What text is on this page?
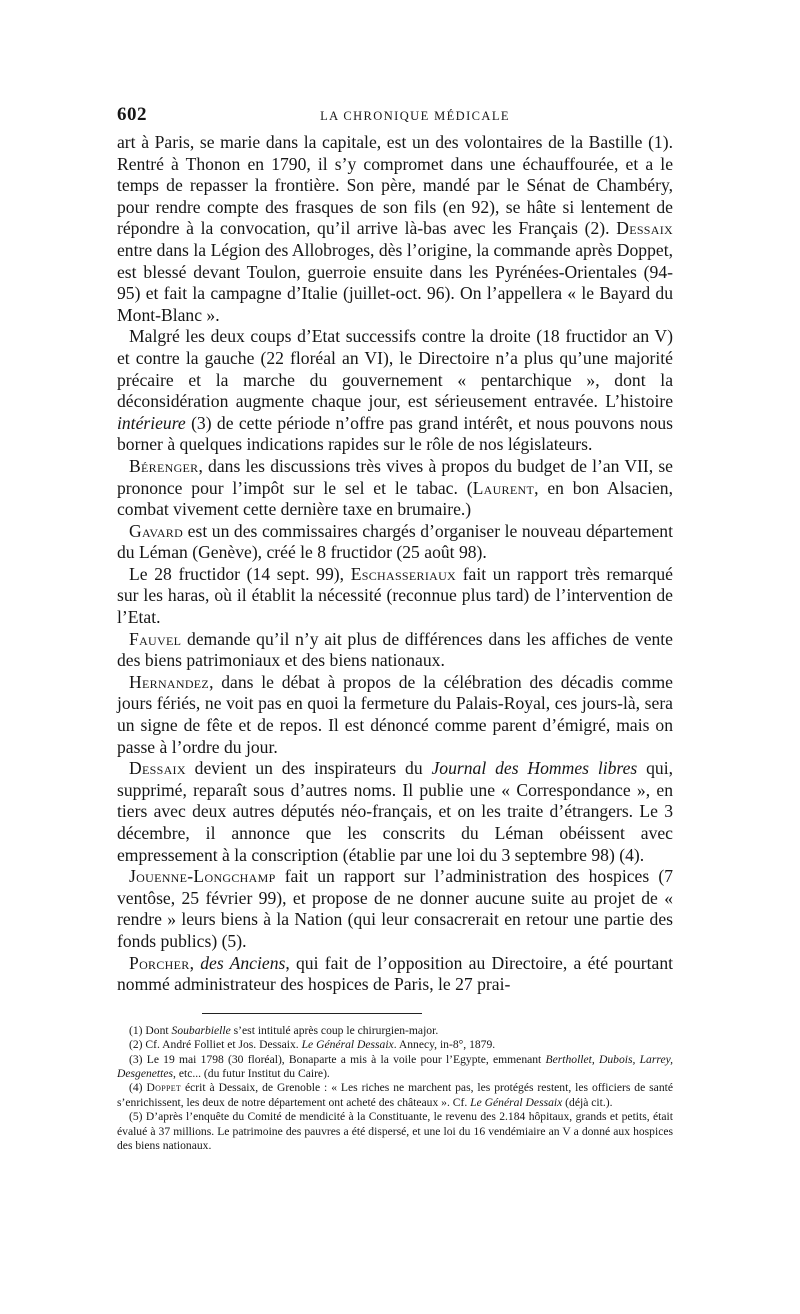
602	LA CHRONIQUE MÉDICALE

art à Paris, se marie dans la capitale, est un des volontaires de la Bastille (1). Rentré à Thonon en 1790, il s’y compromet dans une échauffourée, et a le temps de repasser la frontière. Son père, mandé par le Sénat de Chambéry, pour rendre compte des frasques de son fils (en 92), se hâte si lentement de répondre à la convocation, qu’il arrive là-bas avec les Français (2). Dessaix entre dans la Légion des Allobroges, dès l’origine, la commande après Doppet, est blessé devant Toulon, guerroie ensuite dans les Pyrénées-Orientales (94-95) et fait la campagne d’Italie (juillet-oct. 96). On l’appellera « le Bayard du Mont-Blanc ».

Malgré les deux coups d’Etat successifs contre la droite (18 fructidor an V) et contre la gauche (22 floréal an VI), le Directoire n’a plus qu’une majorité précaire et la marche du gouvernement « pentarchique », dont la déconsidération augmente chaque jour, est sérieusement entravée. L’histoire intérieure (3) de cette période n’offre pas grand intérêt, et nous pouvons nous borner à quelques indications rapides sur le rôle de nos législateurs.

Bérenger, dans les discussions très vives à propos du budget de l’an VII, se prononce pour l’impôt sur le sel et le tabac. (Laurent, en bon Alsacien, combat vivement cette dernière taxe en brumaire.)

Gavard est un des commissaires chargés d’organiser le nouveau département du Léman (Genève), créé le 8 fructidor (25 août 98).

Le 28 fructidor (14 sept. 99), Eschasseriaux fait un rapport très remarqué sur les haras, où il établit la nécessité (reconnue plus tard) de l’intervention de l’Etat.

Fauvel demande qu’il n’y ait plus de différences dans les affiches de vente des biens patrimoniaux et des biens nationaux.

Hernandez, dans le débat à propos de la célébration des décadis comme jours fériés, ne voit pas en quoi la fermeture du Palais-Royal, ces jours-là, sera un signe de fête et de repos. Il est dénoncé comme parent d’émigré, mais on passe à l’ordre du jour.

Dessaix devient un des inspirateurs du Journal des Hommes libres qui, supprimé, reparaît sous d’autres noms. Il publie une « Correspondance », en tiers avec deux autres députés néo-français, et on les traite d’étrangers. Le 3 décembre, il annonce que les conscrits du Léman obéissent avec empressement à la conscription (établie par une loi du 3 septembre 98) (4).

Jouenne-Longchamp fait un rapport sur l’administration des hospices (7 ventôse, 25 février 99), et propose de ne donner aucune suite au projet de « rendre » leurs biens à la Nation (qui leur consacrerait en retour une partie des fonds publics) (5).

Porcher, des Anciens, qui fait de l’opposition au Directoire, a été pourtant nommé administrateur des hospices de Paris, le 27 prai-

(1) Dont Soubarbielle s’est intitulé après coup le chirurgien-major.

(2) Cf. André Folliet et Jos. Dessaix. Le Général Dessaix. Annecy, in-8°, 1879.

(3) Le 19 mai 1798 (30 floréal), Bonaparte a mis à la voile pour l’Egypte, emmenant Berthollet, Dubois, Larrey, Desgenettes, etc... (du futur Institut du Caire).

(4) Doppet écrit à Dessaix, de Grenoble : « Les riches ne marchent pas, les protégés restent, les officiers de santé s’enrichissent, les deux de notre département ont acheté des châteaux ». Cf. Le Général Dessaix (déjà cit.).

(5) D’après l’enquête du Comité de mendicité à la Constituante, le revenu des 2.184 hôpitaux, grands et petits, était évalué à 37 millions. Le patrimoine des pauvres a été dispersé, et une loi du 16 vendémiaire an V a donné aux hospices des biens nationaux.
